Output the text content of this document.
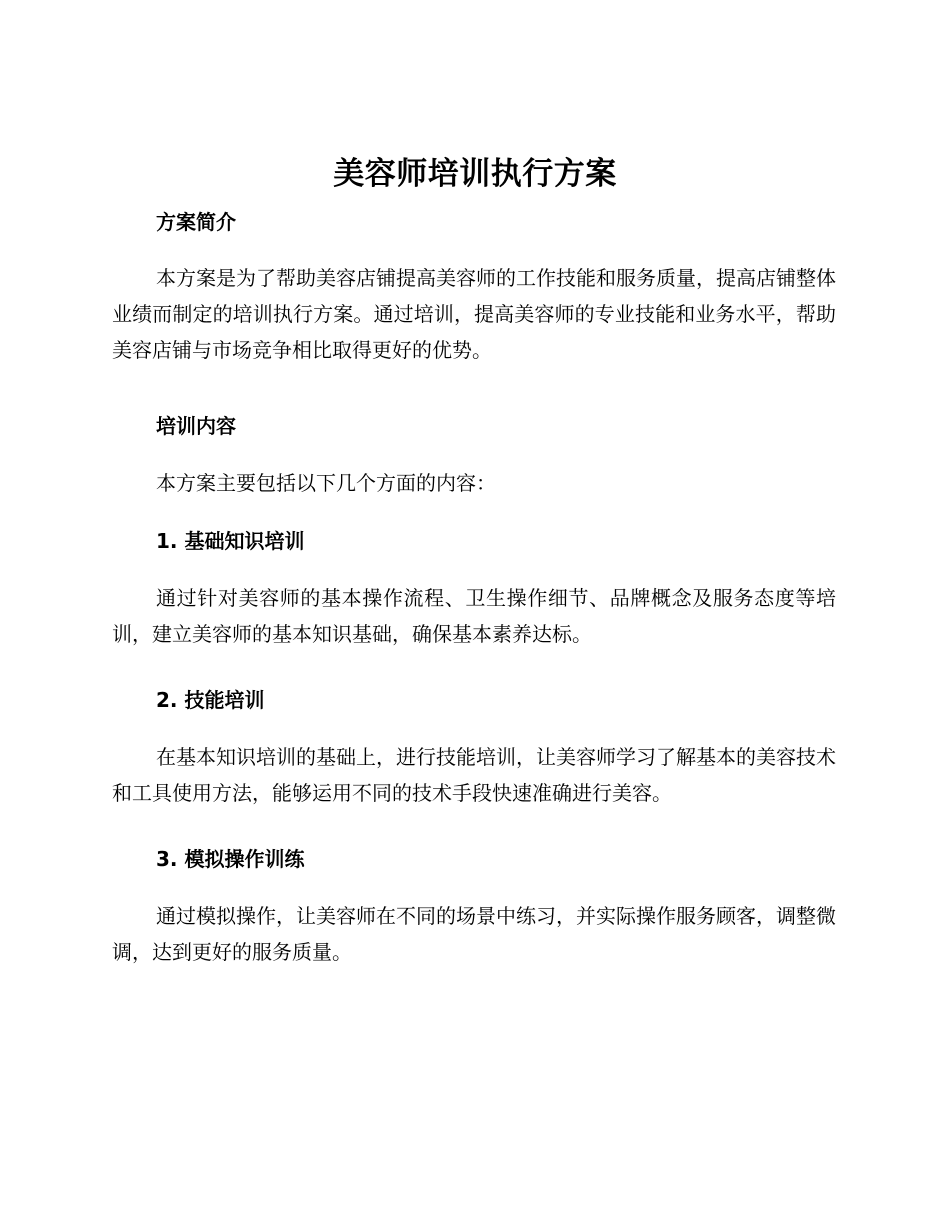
美容师培训执行方案
方案简介

本方案是为了帮助美容店铺提高美容师的工作技能和服务质量，提高店铺整体业绩而制定的培训执行方案。通过培训，提高美容师的专业技能和业务水平，帮助美容店铺与市场竞争相比取得更好的优势。

培训内容

本方案主要包括以下几个方面的内容：

1. 基础知识培训

通过针对美容师的基本操作流程、卫生操作细节、品牌概念及服务态度等培训，建立美容师的基本知识基础，确保基本素养达标。

2. 技能培训

在基本知识培训的基础上，进行技能培训，让美容师学习了解基本的美容技术和工具使用方法，能够运用不同的技术手段快速准确进行美容。

3. 模拟操作训练

通过模拟操作，让美容师在不同的场景中练习，并实际操作服务顾客，调整微调，达到更好的服务质量。
